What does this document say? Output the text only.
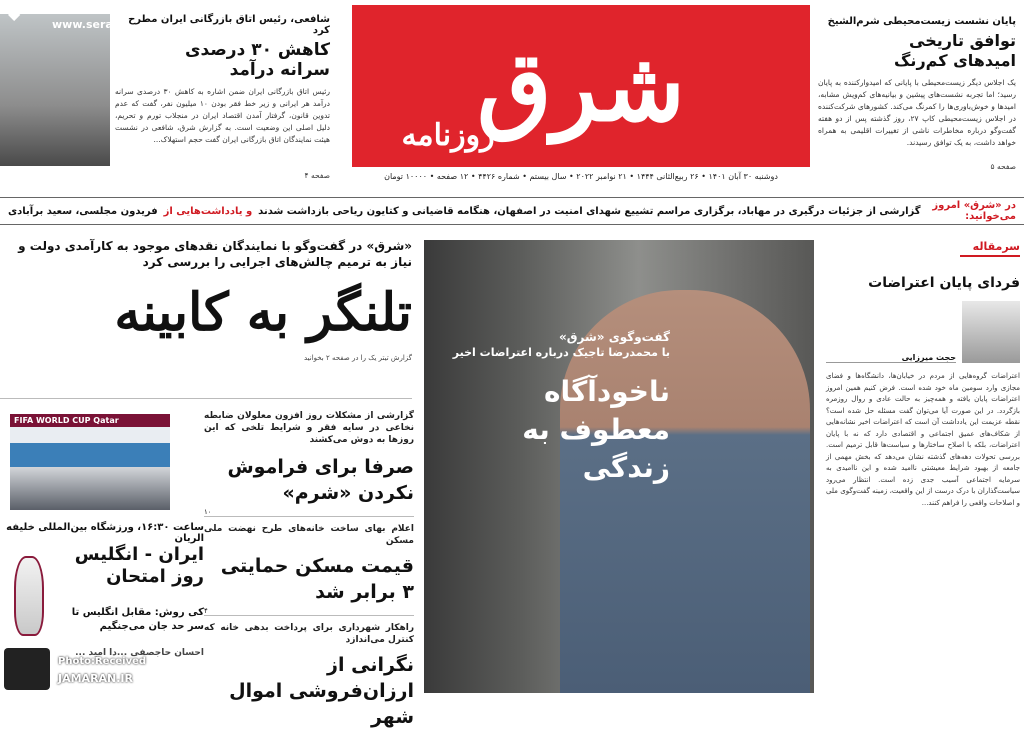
www.seratnews.com
◆	شافعی، رئیس اتاق بازرگانی ایران مطرح کرد
کاهش ۳۰ درصدی سرانه درآمد
رئیس اتاق بازرگانی ایران ضمن اشاره به کاهش ۳۰ درصدی سرانه درآمد هر ایرانی و زیر خط فقر بودن ۱۰ میلیون نفر، گفت که عدم تدوین قانون، گرفتار آمدن اقتصاد ایران در منجلاب تورم و تحریم، دلیل اصلی این وضعیت است. به گزارش شرق، شافعی در نشست هیئت نمایندگان اتاق بازرگانی ایران گفت حجم استهلاک...
صفحه ۴
شرق
روزنامه
دوشنبه ۳۰ آبان ۱۴۰۱ • ۲۶ ربیع‌الثانی ۱۴۴۴ • ۲۱ نوامبر ۲۰۲۲ • سال بیستم • شماره ۴۴۲۶ • ۱۲ صفحه • ۱۰۰۰۰ تومان
پایان نشست زیست‌محیطی شرم‌الشیخ
توافق تاریخی امیدهای کم‌رنگ
یک اجلاس دیگر زیست‌محیطی با پایانی که امیدوارکننده به پایان رسید؛ اما تجربه نشست‌های پیشین و بیانیه‌های کم‌ویش مشابه، امیدها و خوش‌باوری‌ها را کمرنگ می‌کند. کشورهای شرکت‌کننده در اجلاس زیست‌محیطی کاپ ۲۷، روز گذشته پس از دو هفته گفت‌وگو درباره مخاطرات ناشی از تغییرات اقلیمی به همراه خواهد داشت، به یک توافق رسیدند.
صفحه ۵
در «شرق» امروز می‌خوانید:
گزارشی از جزئیات درگیری در مهاباد، برگزاری مراسم تشییع شهدای امنیت در اصفهان، هنگامه قاضیانی و کتایون ریاحی بازداشت شدند
و یادداشت‌هایی از
فریدون مجلسی، سعید برآبادی
«شرق» در گفت‌وگو با نمایندگان نقدهای موجود به کارآمدی دولت و نیاز به ترمیم چالش‌های اجرایی را بررسی کرد
تلنگر به کابینه
گزارش تیتر یک را در صفحه ۲ بخوانید
FIFA WORLD CUP Qatar
ساعت ۱۶:۳۰، ورزشگاه بین‌المللی خلیفه الریان
ایران - انگلیس روز امتحان
کی روش: مقابل انگلیس تا سر حد جان می‌جنگیم
احسان حاجصفی ...دا امید ...
گزارشی از مشکلات روز افزون معلولان ضابطه نخاعی در سایه فقر و شرایط تلخی که این روزها به دوش می‌کشند
صرفا برای فراموش نکردن «شرم»
۱۰
اعلام بهای ساخت خانه‌های طرح نهضت ملی مسکن
قیمت مسکن حمایتی ۳ برابر شد
۴
راهکار شهرداری برای پرداخت بدهی خانه که کنترل می‌اندازد
نگرانی از ارزان‌فروشی اموال شهر
گفت‌وگوی «شرق»
با محمدرضا تاجیک درباره اعتراضات اخیر
ناخودآگاه معطوف به زندگی
سرمقاله
فردای پایان اعتراضات
حجت میرزایی
اعتراضات گروه‌هایی از مردم در خیابان‌ها، دانشگاه‌ها و فضای مجازی وارد سومین ماه خود شده است. فرض کنیم همین امروز اعتراضات پایان یافته و همه‌چیز به حالت عادی و روال روزمره بازگردد. در این صورت آیا می‌توان گفت مسئله حل شده است؟ نقطه عزیمت این یادداشت آن است که اعتراضات اخیر نشانه‌هایی از شکاف‌های عمیق اجتماعی و اقتصادی دارد که نه با پایان اعتراضات، بلکه با اصلاح ساختارها و سیاست‌ها قابل ترمیم است. بررسی تحولات دهه‌های گذشته نشان می‌دهد که بخش مهمی از جامعه از بهبود شرایط معیشتی ناامید شده و این ناامیدی به سرمایه اجتماعی آسیب جدی زده است. انتظار می‌رود سیاست‌گذاران با درک درست از این واقعیت، زمینه گفت‌وگوی ملی و اصلاحات واقعی را فراهم کنند...
Photo:Received
JAMARAN.IR
